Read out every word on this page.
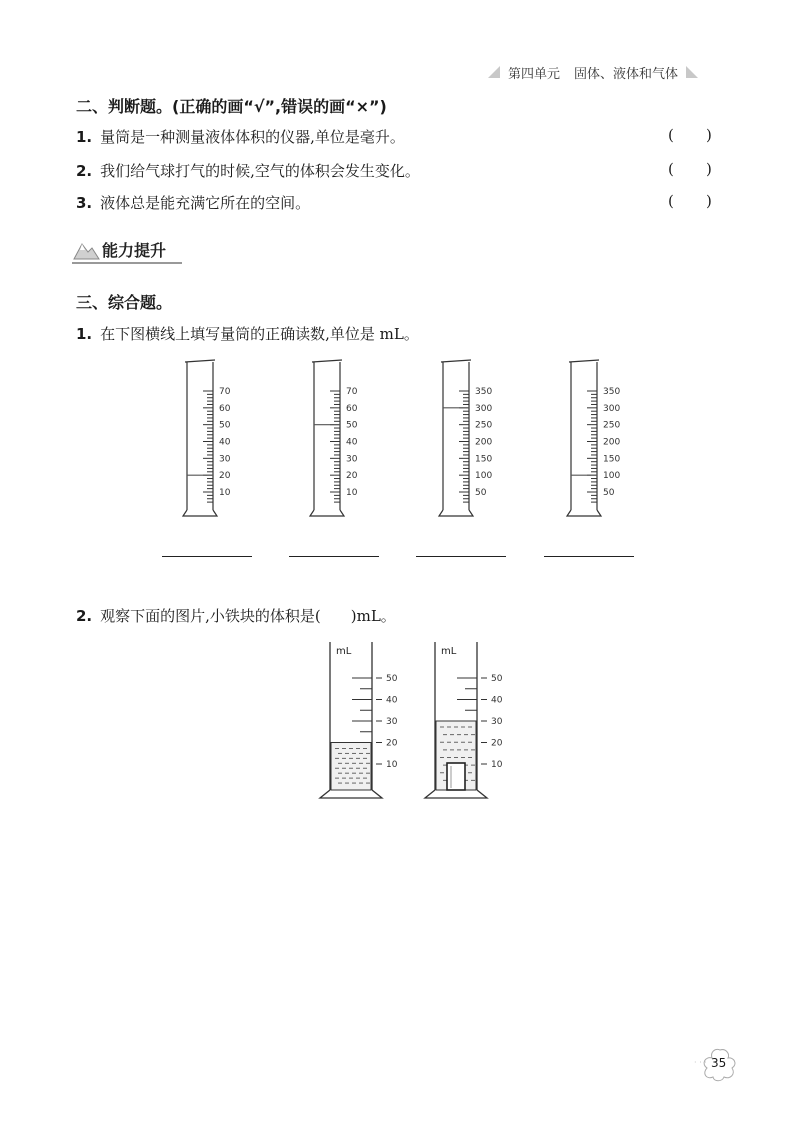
第四单元 固体、液体和气体
二、判断题。(正确的画“√”,错误的画“×”)
1. 量筒是一种测量液体体积的仪器,单位是毫升。	( )
2. 我们给气球打气的时候,空气的体积会发生变化。	( )
3. 液体总是能充满它所在的空间。	( )
能力提升
三、综合题。
1. 在下图横线上填写量筒的正确读数,单位是 mL。
70
60
50
40
30
20
10
70
60
50
40
30
20
10
350
300
250
200
150
100
50
350
300
250
200
150
100
50
2. 观察下面的图片,小铁块的体积是(　　)mL。
mL
50
40
30
20
10
mL
50
40
30
20
10
35
· · ·
